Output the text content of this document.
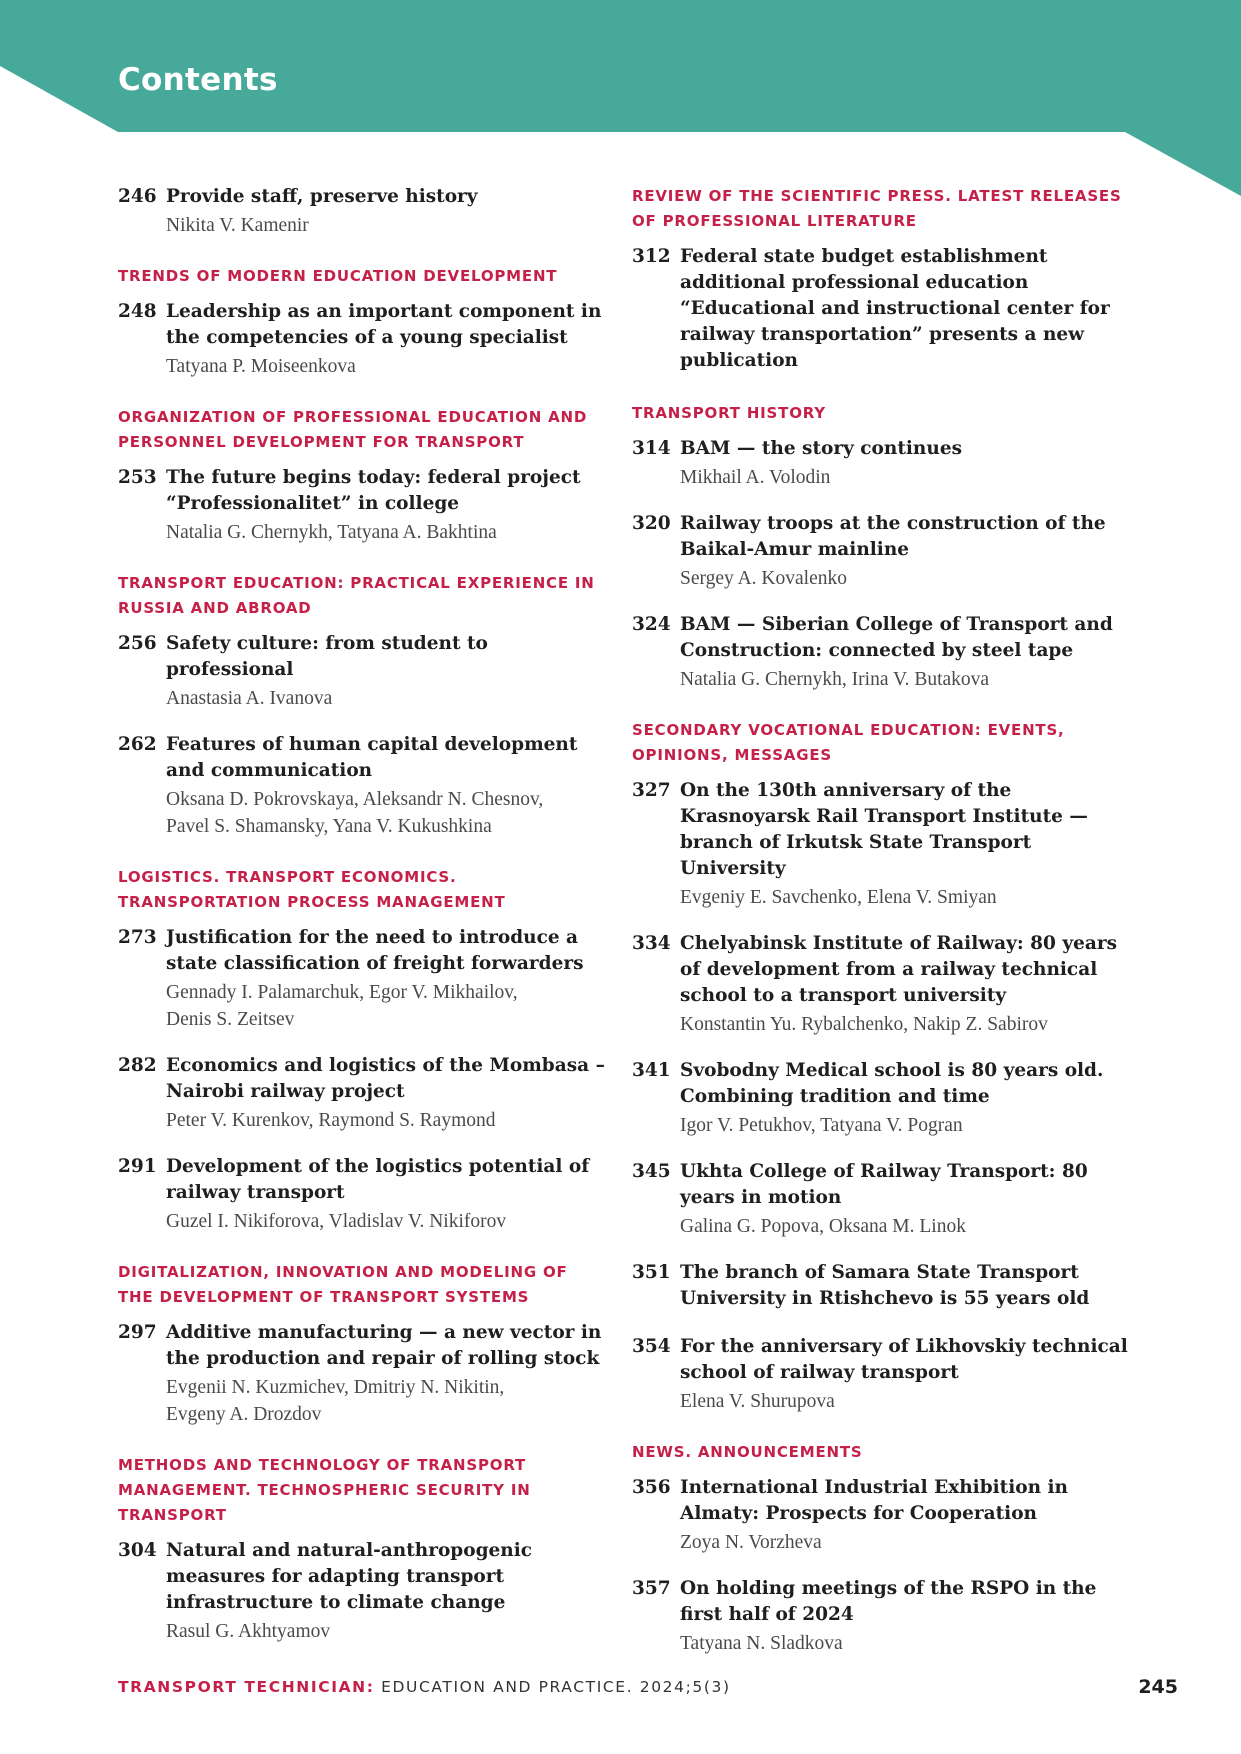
Contents
246 Provide staff, preserve history
Nikita V. Kamenir
TRENDS OF MODERN EDUCATION DEVELOPMENT
248 Leadership as an important component in the competencies of a young specialist
Tatyana P. Moiseenkova
ORGANIZATION OF PROFESSIONAL EDUCATION AND PERSONNEL DEVELOPMENT FOR TRANSPORT
253 The future begins today: federal project “Professionalitet” in college
Natalia G. Chernykh, Tatyana A. Bakhtina
TRANSPORT EDUCATION: PRACTICAL EXPERIENCE IN RUSSIA AND ABROAD
256 Safety culture: from student to professional
Anastasia A. Ivanova
262 Features of human capital development and communication
Oksana D. Pokrovskaya, Aleksandr N. Chesnov,
Pavel S. Shamansky, Yana V. Kukushkina
LOGISTICS. TRANSPORT ECONOMICS. TRANSPORTATION PROCESS MANAGEMENT
273 Justification for the need to introduce a state classification of freight forwarders
Gennady I. Palamarchuk, Egor V. Mikhailov,
Denis S. Zeitsev
282 Economics and logistics of the Mombasa – Nairobi railway project
Peter V. Kurenkov, Raymond S. Raymond
291 Development of the logistics potential of railway transport
Guzel I. Nikiforova, Vladislav V. Nikiforov
DIGITALIZATION, INNOVATION AND MODELING OF THE DEVELOPMENT OF TRANSPORT SYSTEMS
297 Additive manufacturing — a new vector in the production and repair of rolling stock
Evgenii N. Kuzmichev, Dmitriy N. Nikitin,
Evgeny A. Drozdov
METHODS AND TECHNOLOGY OF TRANSPORT MANAGEMENT. TECHNOSPHERIC SECURITY IN TRANSPORT
304 Natural and natural-anthropogenic measures for adapting transport infrastructure to climate change
Rasul G. Akhtyamov
REVIEW OF THE SCIENTIFIC PRESS. LATEST RELEASES OF PROFESSIONAL LITERATURE
312 Federal state budget establishment additional professional education “Educational and instructional center for railway transportation” presents a new publication
TRANSPORT HISTORY
314 BAM — the story continues
Mikhail A. Volodin
320 Railway troops at the construction of the Baikal-Amur mainline
Sergey A. Kovalenko
324 BAM — Siberian College of Transport and Construction: connected by steel tape
Natalia G. Chernykh, Irina V. Butakova
SECONDARY VOCATIONAL EDUCATION: EVENTS, OPINIONS, MESSAGES
327 On the 130th anniversary of the Krasnoyarsk Rail Transport Institute — branch of Irkutsk State Transport University
Evgeniy E. Savchenko, Elena V. Smiyan
334 Chelyabinsk Institute of Railway: 80 years of development from a railway technical school to a transport university
Konstantin Yu. Rybalchenko, Nakip Z. Sabirov
341 Svobodny Medical school is 80 years old. Combining tradition and time
Igor V. Petukhov, Tatyana V. Pogran
345 Ukhta College of Railway Transport: 80 years in motion
Galina G. Popova, Oksana M. Linok
351 The branch of Samara State Transport University in Rtishchevo is 55 years old
354 For the anniversary of Likhovskiy technical school of railway transport
Elena V. Shurupova
NEWS. ANNOUNCEMENTS
356 International Industrial Exhibition in Almaty: Prospects for Cooperation
Zoya N. Vorzheva
357 On holding meetings of the RSPO in the first half of 2024
Tatyana N. Sladkova
TRANSPORT TECHNICIAN: EDUCATION AND PRACTICE. 2024;5(3)	245
